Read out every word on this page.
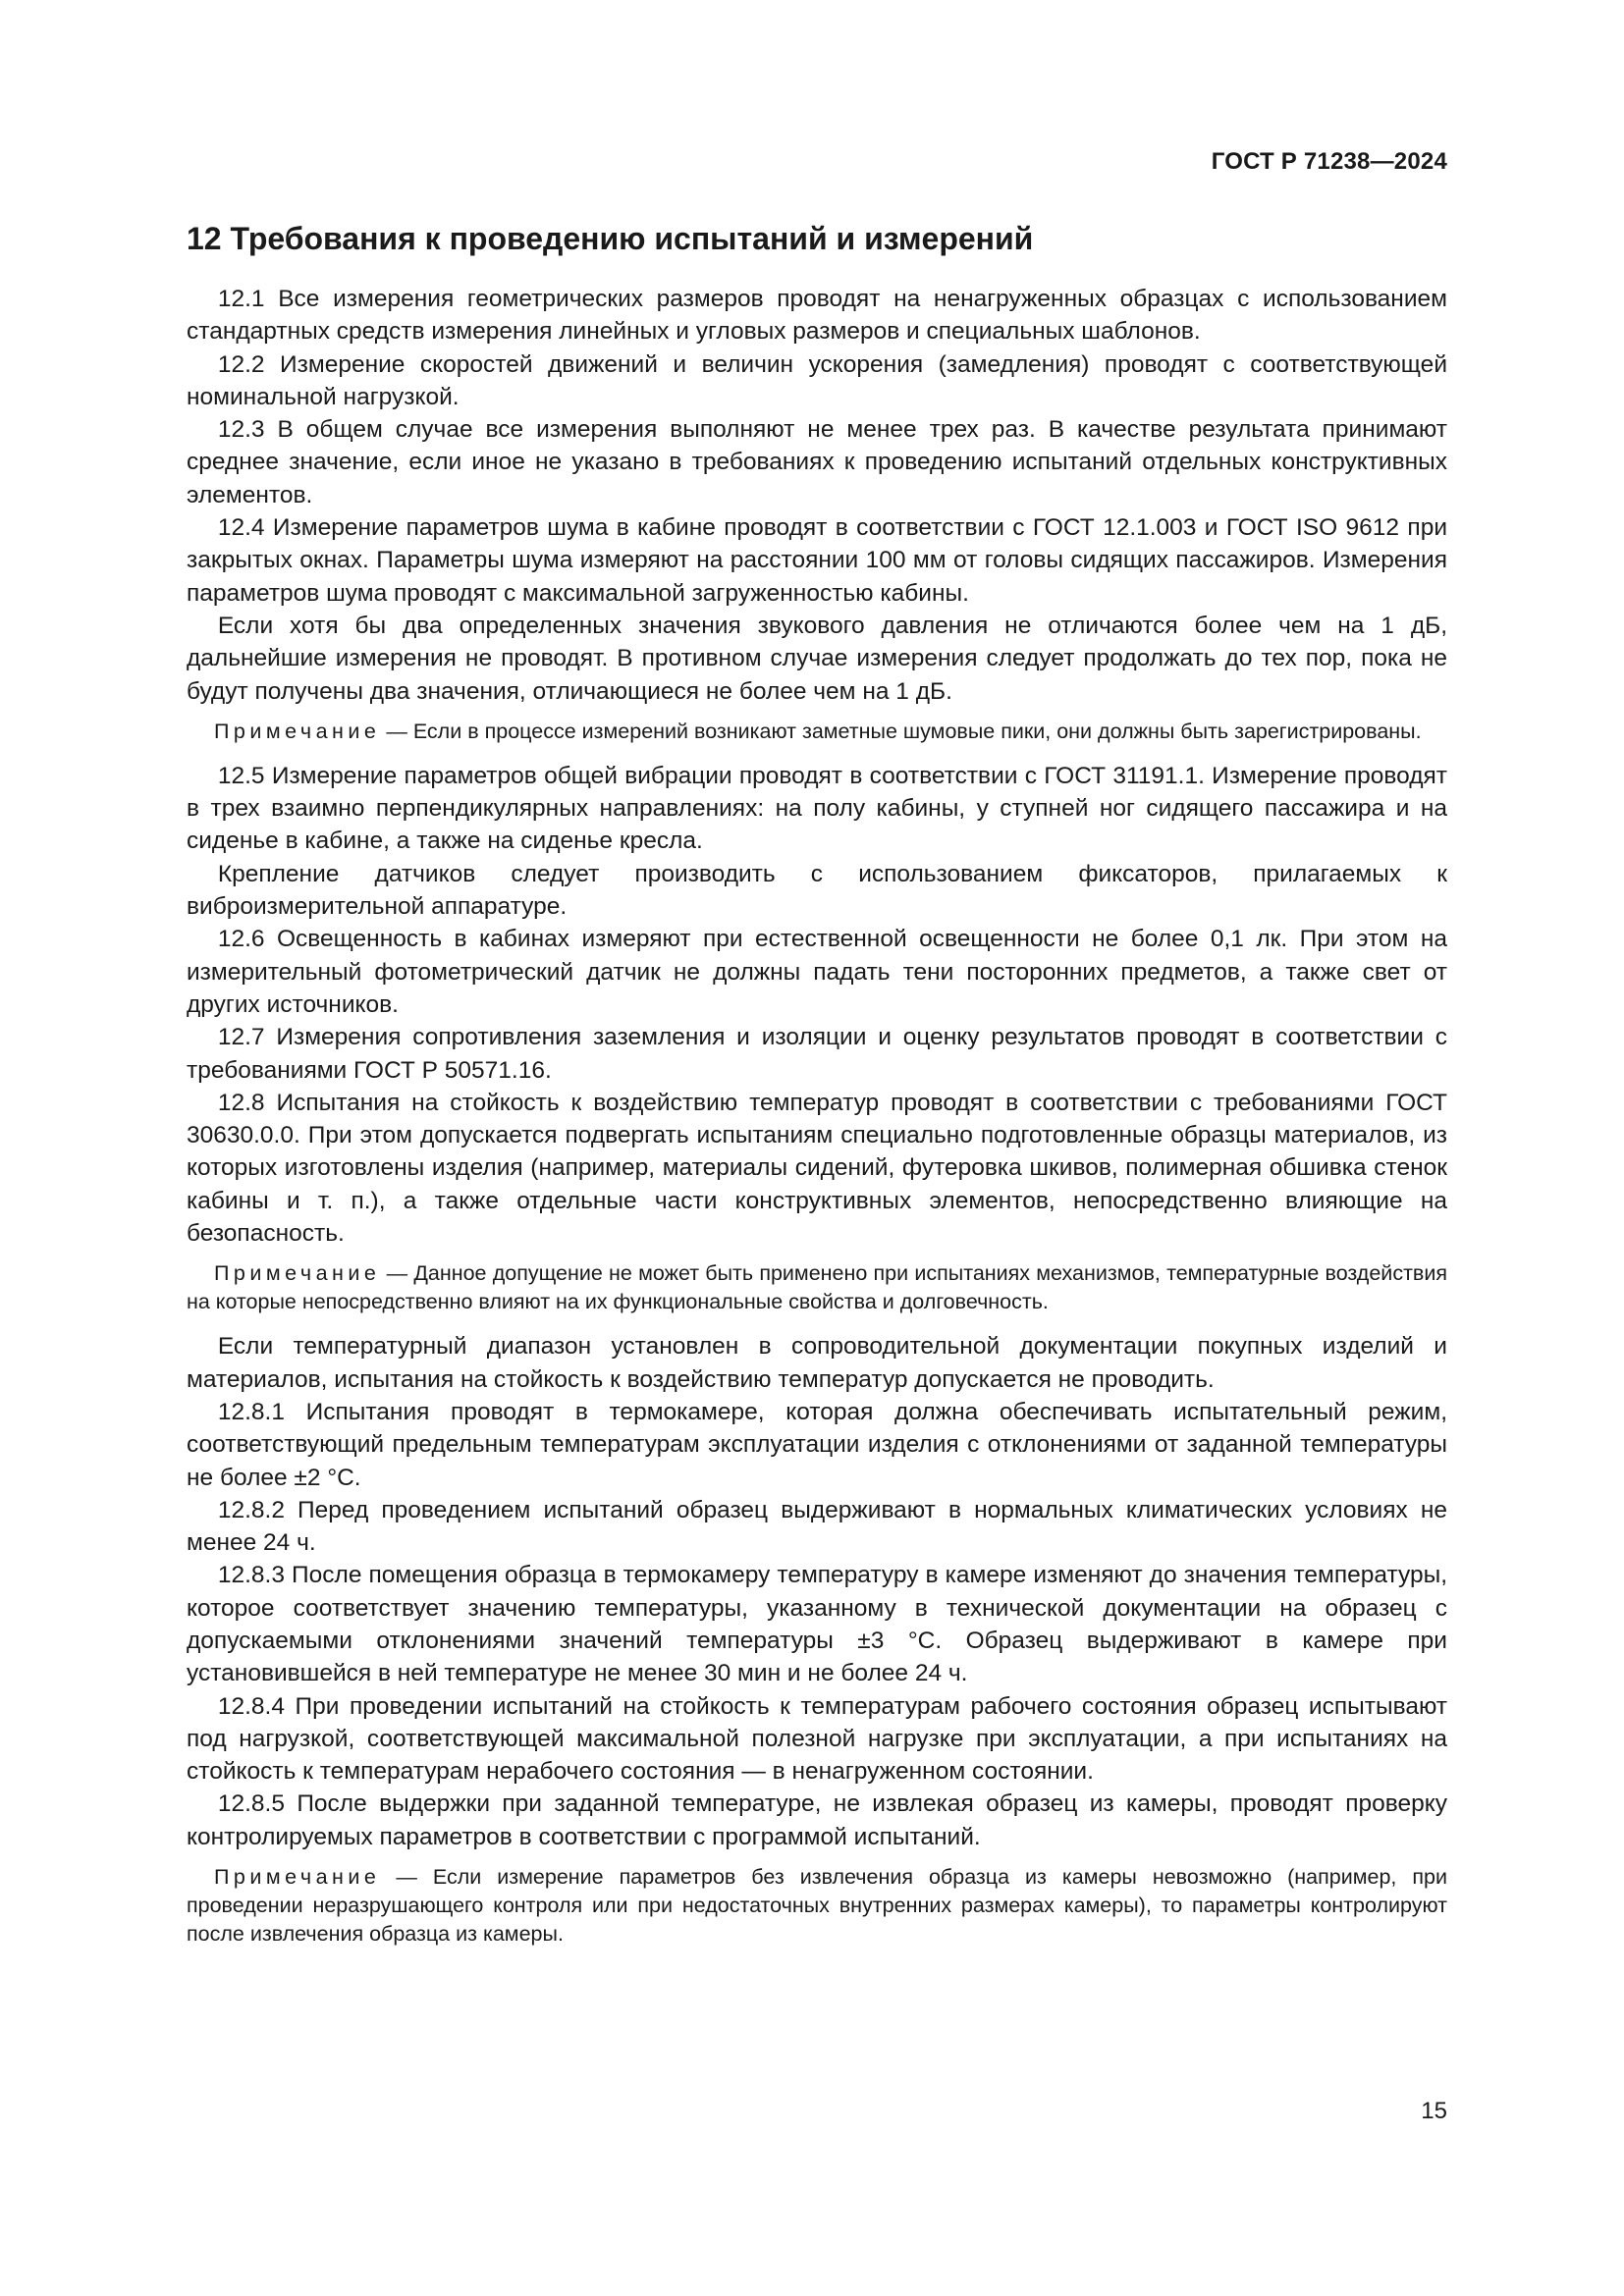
ГОСТ Р 71238—2024
12 Требования к проведению испытаний и измерений

12.1 Все измерения геометрических размеров проводят на ненагруженных образцах с использованием стандартных средств измерения линейных и угловых размеров и специальных шаблонов.

12.2 Измерение скоростей движений и величин ускорения (замедления) проводят с соответствующей номинальной нагрузкой.

12.3 В общем случае все измерения выполняют не менее трех раз. В качестве результата принимают среднее значение, если иное не указано в требованиях к проведению испытаний отдельных конструктивных элементов.

12.4 Измерение параметров шума в кабине проводят в соответствии с ГОСТ 12.1.003 и ГОСТ ISO 9612 при закрытых окнах. Параметры шума измеряют на расстоянии 100 мм от головы сидящих пассажиров. Измерения параметров шума проводят с максимальной загруженностью кабины.

Если хотя бы два определенных значения звукового давления не отличаются более чем на 1 дБ, дальнейшие измерения не проводят. В противном случае измерения следует продолжать до тех пор, пока не будут получены два значения, отличающиеся не более чем на 1 дБ.

Примечание — Если в процессе измерений возникают заметные шумовые пики, они должны быть зарегистрированы.

12.5 Измерение параметров общей вибрации проводят в соответствии с ГОСТ 31191.1. Измерение проводят в трех взаимно перпендикулярных направлениях: на полу кабины, у ступней ног сидящего пассажира и на сиденье в кабине, а также на сиденье кресла.

Крепление датчиков следует производить с использованием фиксаторов, прилагаемых к виброизмерительной аппаратуре.

12.6 Освещенность в кабинах измеряют при естественной освещенности не более 0,1 лк. При этом на измерительный фотометрический датчик не должны падать тени посторонних предметов, а также свет от других источников.

12.7 Измерения сопротивления заземления и изоляции и оценку результатов проводят в соответствии с требованиями ГОСТ Р 50571.16.

12.8 Испытания на стойкость к воздействию температур проводят в соответствии с требованиями ГОСТ 30630.0.0. При этом допускается подвергать испытаниям специально подготовленные образцы материалов, из которых изготовлены изделия (например, материалы сидений, футеровка шкивов, полимерная обшивка стенок кабины и т. п.), а также отдельные части конструктивных элементов, непосредственно влияющие на безопасность.

Примечание — Данное допущение не может быть применено при испытаниях механизмов, температурные воздействия на которые непосредственно влияют на их функциональные свойства и долговечность.

Если температурный диапазон установлен в сопроводительной документации покупных изделий и материалов, испытания на стойкость к воздействию температур допускается не проводить.

12.8.1 Испытания проводят в термокамере, которая должна обеспечивать испытательный режим, соответствующий предельным температурам эксплуатации изделия с отклонениями от заданной температуры не более ±2 °С.

12.8.2 Перед проведением испытаний образец выдерживают в нормальных климатических условиях не менее 24 ч.

12.8.3 После помещения образца в термокамеру температуру в камере изменяют до значения температуры, которое соответствует значению температуры, указанному в технической документации на образец с допускаемыми отклонениями значений температуры ±3 °С. Образец выдерживают в камере при установившейся в ней температуре не менее 30 мин и не более 24 ч.

12.8.4 При проведении испытаний на стойкость к температурам рабочего состояния образец испытывают под нагрузкой, соответствующей максимальной полезной нагрузке при эксплуатации, а при испытаниях на стойкость к температурам нерабочего состояния — в ненагруженном состоянии.

12.8.5 После выдержки при заданной температуре, не извлекая образец из камеры, проводят проверку контролируемых параметров в соответствии с программой испытаний.

Примечание — Если измерение параметров без извлечения образца из камеры невозможно (например, при проведении неразрушающего контроля или при недостаточных внутренних размерах камеры), то параметры контролируют после извлечения образца из камеры.

15
